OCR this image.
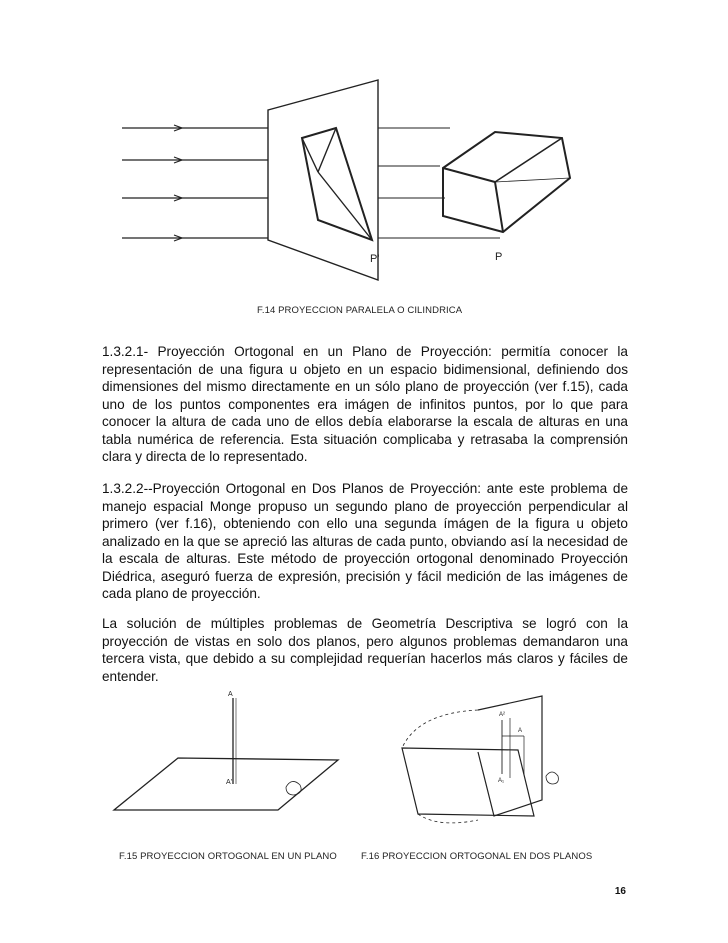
P'	P
F.14 PROYECCION PARALELA O CILINDRICA

1.3.2.1- Proyección Ortogonal en un Plano de Proyección: permitía conocer la representación de una figura u objeto en un espacio bidimensional, definiendo dos dimensiones del mismo directamente en un sólo plano de proyección (ver f.15), cada uno de los puntos componentes era imágen de infinitos puntos, por lo que para conocer la altura de cada uno de ellos debía elaborarse la escala de alturas en una tabla numérica de referencia. Esta situación complicaba y retrasaba la comprensión clara y directa de lo representado.

1.3.2.2--Proyección Ortogonal en Dos Planos de Proyección: ante este problema de manejo espacial Monge propuso un segundo plano de proyección perpendicular al primero (ver f.16), obteniendo con ello una segunda ímágen de la figura u objeto analizado en la que se apreció las alturas de cada punto, obviando así la necesidad de la escala de alturas. Este método de proyección ortogonal denominado Proyección Diédrica, aseguró fuerza de expresión, precisión y fácil medición de las imágenes de cada plano de proyección.

La solución de múltiples problemas de Geometría Descriptiva se logró con la proyección de vistas en solo dos planos, pero algunos problemas demandaron una tercera vista, que debido a su complejidad requerían hacerlos más claros y fáciles de entender.

A
A'
A²
A
A₁
F.15 PROYECCION ORTOGONAL EN UN PLANO	F.16 PROYECCION ORTOGONAL EN DOS PLANOS
16
